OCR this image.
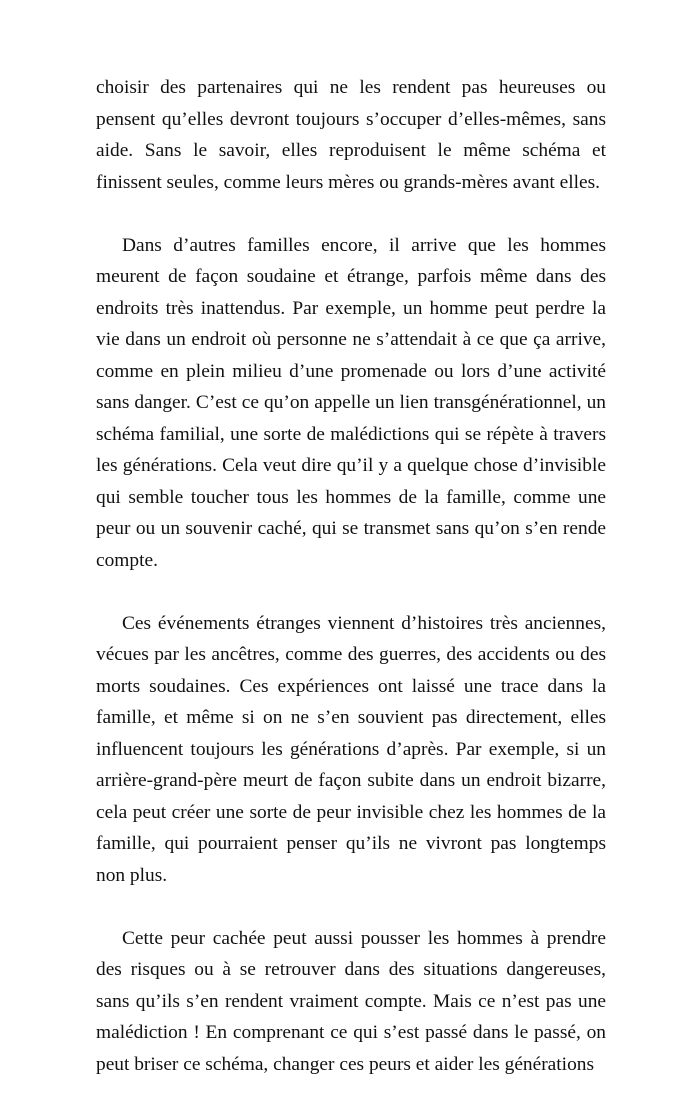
choisir des partenaires qui ne les rendent pas heureuses ou pensent qu’elles devront toujours s’occuper d’elles-mêmes, sans aide. Sans le savoir, elles reproduisent le même schéma et finissent seules, comme leurs mères ou grands-mères avant elles.

Dans d’autres familles encore, il arrive que les hommes meurent de façon soudaine et étrange, parfois même dans des endroits très inattendus. Par exemple, un homme peut perdre la vie dans un endroit où personne ne s’attendait à ce que ça arrive, comme en plein milieu d’une promenade ou lors d’une activité sans danger. C’est ce qu’on appelle un lien transgénérationnel, un schéma familial, une sorte de malédictions qui se répète à travers les générations. Cela veut dire qu’il y a quelque chose d’invisible qui semble toucher tous les hommes de la famille, comme une peur ou un souvenir caché, qui se transmet sans qu’on s’en rende compte.

Ces événements étranges viennent d’histoires très anciennes, vécues par les ancêtres, comme des guerres, des accidents ou des morts soudaines. Ces expériences ont laissé une trace dans la famille, et même si on ne s’en souvient pas directement, elles influencent toujours les générations d’après. Par exemple, si un arrière-grand-père meurt de façon subite dans un endroit bizarre, cela peut créer une sorte de peur invisible chez les hommes de la famille, qui pourraient penser qu’ils ne vivront pas longtemps non plus.

Cette peur cachée peut aussi pousser les hommes à prendre des risques ou à se retrouver dans des situations dangereuses, sans qu’ils s’en rendent vraiment compte. Mais ce n’est pas une malédiction ! En comprenant ce qui s’est passé dans le passé, on peut briser ce schéma, changer ces peurs et aider les générations
